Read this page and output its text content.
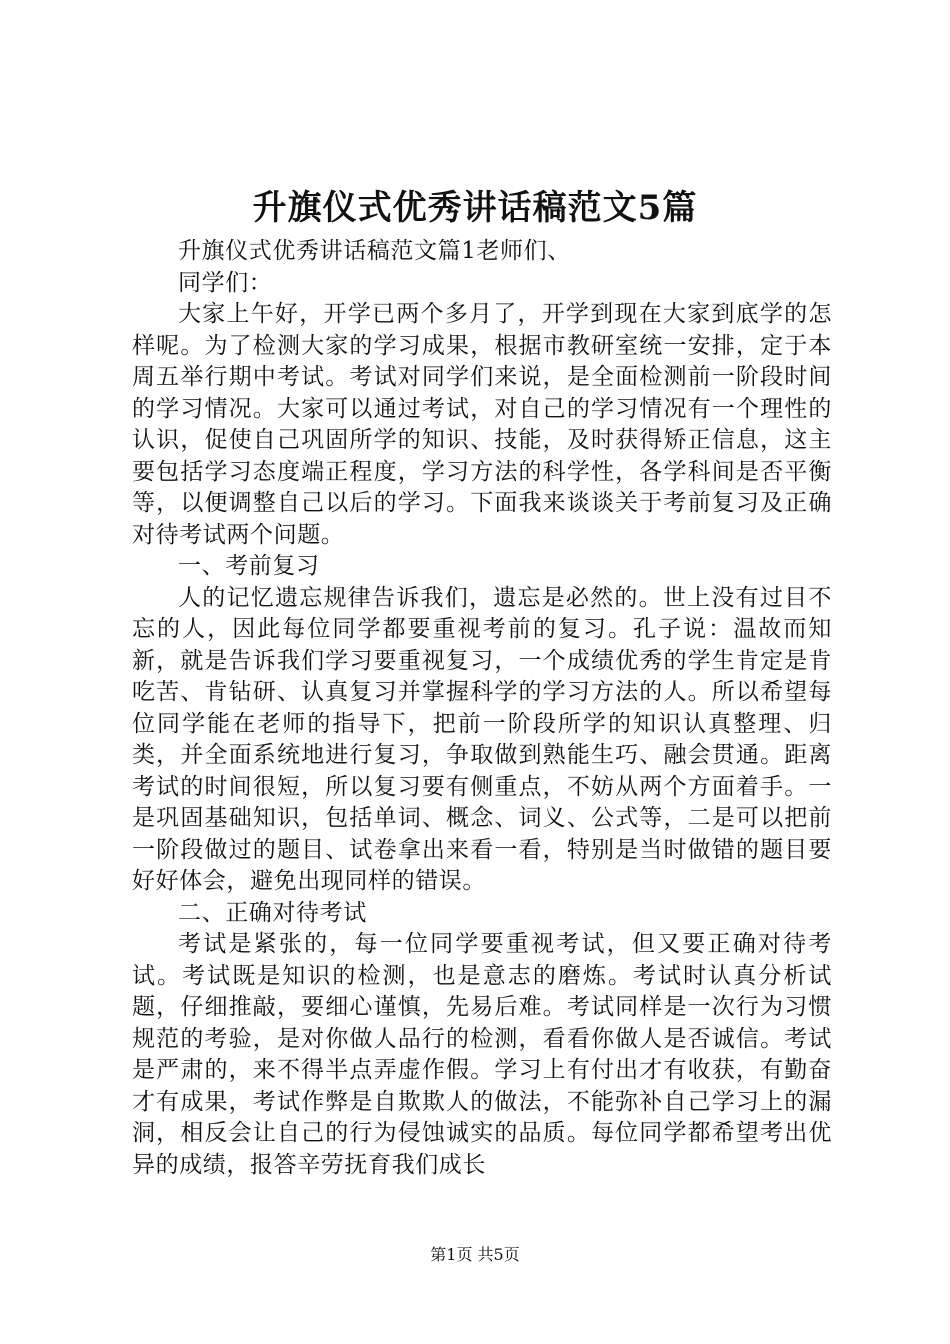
升旗仪式优秀讲话稿范文5篇

升旗仪式优秀讲话稿范文篇1老师们、

同学们：

大家上午好，开学已两个多月了，开学到现在大家到底学的怎样呢。为了检测大家的学习成果，根据市教研室统一安排，定于本周五举行期中考试。考试对同学们来说，是全面检测前一阶段时间的学习情况。大家可以通过考试，对自己的学习情况有一个理性的认识，促使自己巩固所学的知识、技能，及时获得矫正信息，这主要包括学习态度端正程度，学习方法的科学性，各学科间是否平衡等，以便调整自己以后的学习。下面我来谈谈关于考前复习及正确对待考试两个问题。

一、考前复习

人的记忆遗忘规律告诉我们，遗忘是必然的。世上没有过目不忘的人，因此每位同学都要重视考前的复习。孔子说：温故而知新，就是告诉我们学习要重视复习，一个成绩优秀的学生肯定是肯吃苦、肯钻研、认真复习并掌握科学的学习方法的人。所以希望每位同学能在老师的指导下，把前一阶段所学的知识认真整理、归类，并全面系统地进行复习，争取做到熟能生巧、融会贯通。距离考试的时间很短，所以复习要有侧重点，不妨从两个方面着手。一是巩固基础知识，包括单词、概念、词义、公式等，二是可以把前一阶段做过的题目、试卷拿出来看一看，特别是当时做错的题目要好好体会，避免出现同样的错误。

二、正确对待考试

考试是紧张的，每一位同学要重视考试，但又要正确对待考试。考试既是知识的检测，也是意志的磨炼。考试时认真分析试题，仔细推敲，要细心谨慎，先易后难。考试同样是一次行为习惯规范的考验，是对你做人品行的检测，看看你做人是否诚信。考试是严肃的，来不得半点弄虚作假。学习上有付出才有收获，有勤奋才有成果，考试作弊是自欺欺人的做法，不能弥补自己学习上的漏洞，相反会让自己的行为侵蚀诚实的品质。每位同学都希望考出优异的成绩，报答辛劳抚育我们成长

第1页 共5页
